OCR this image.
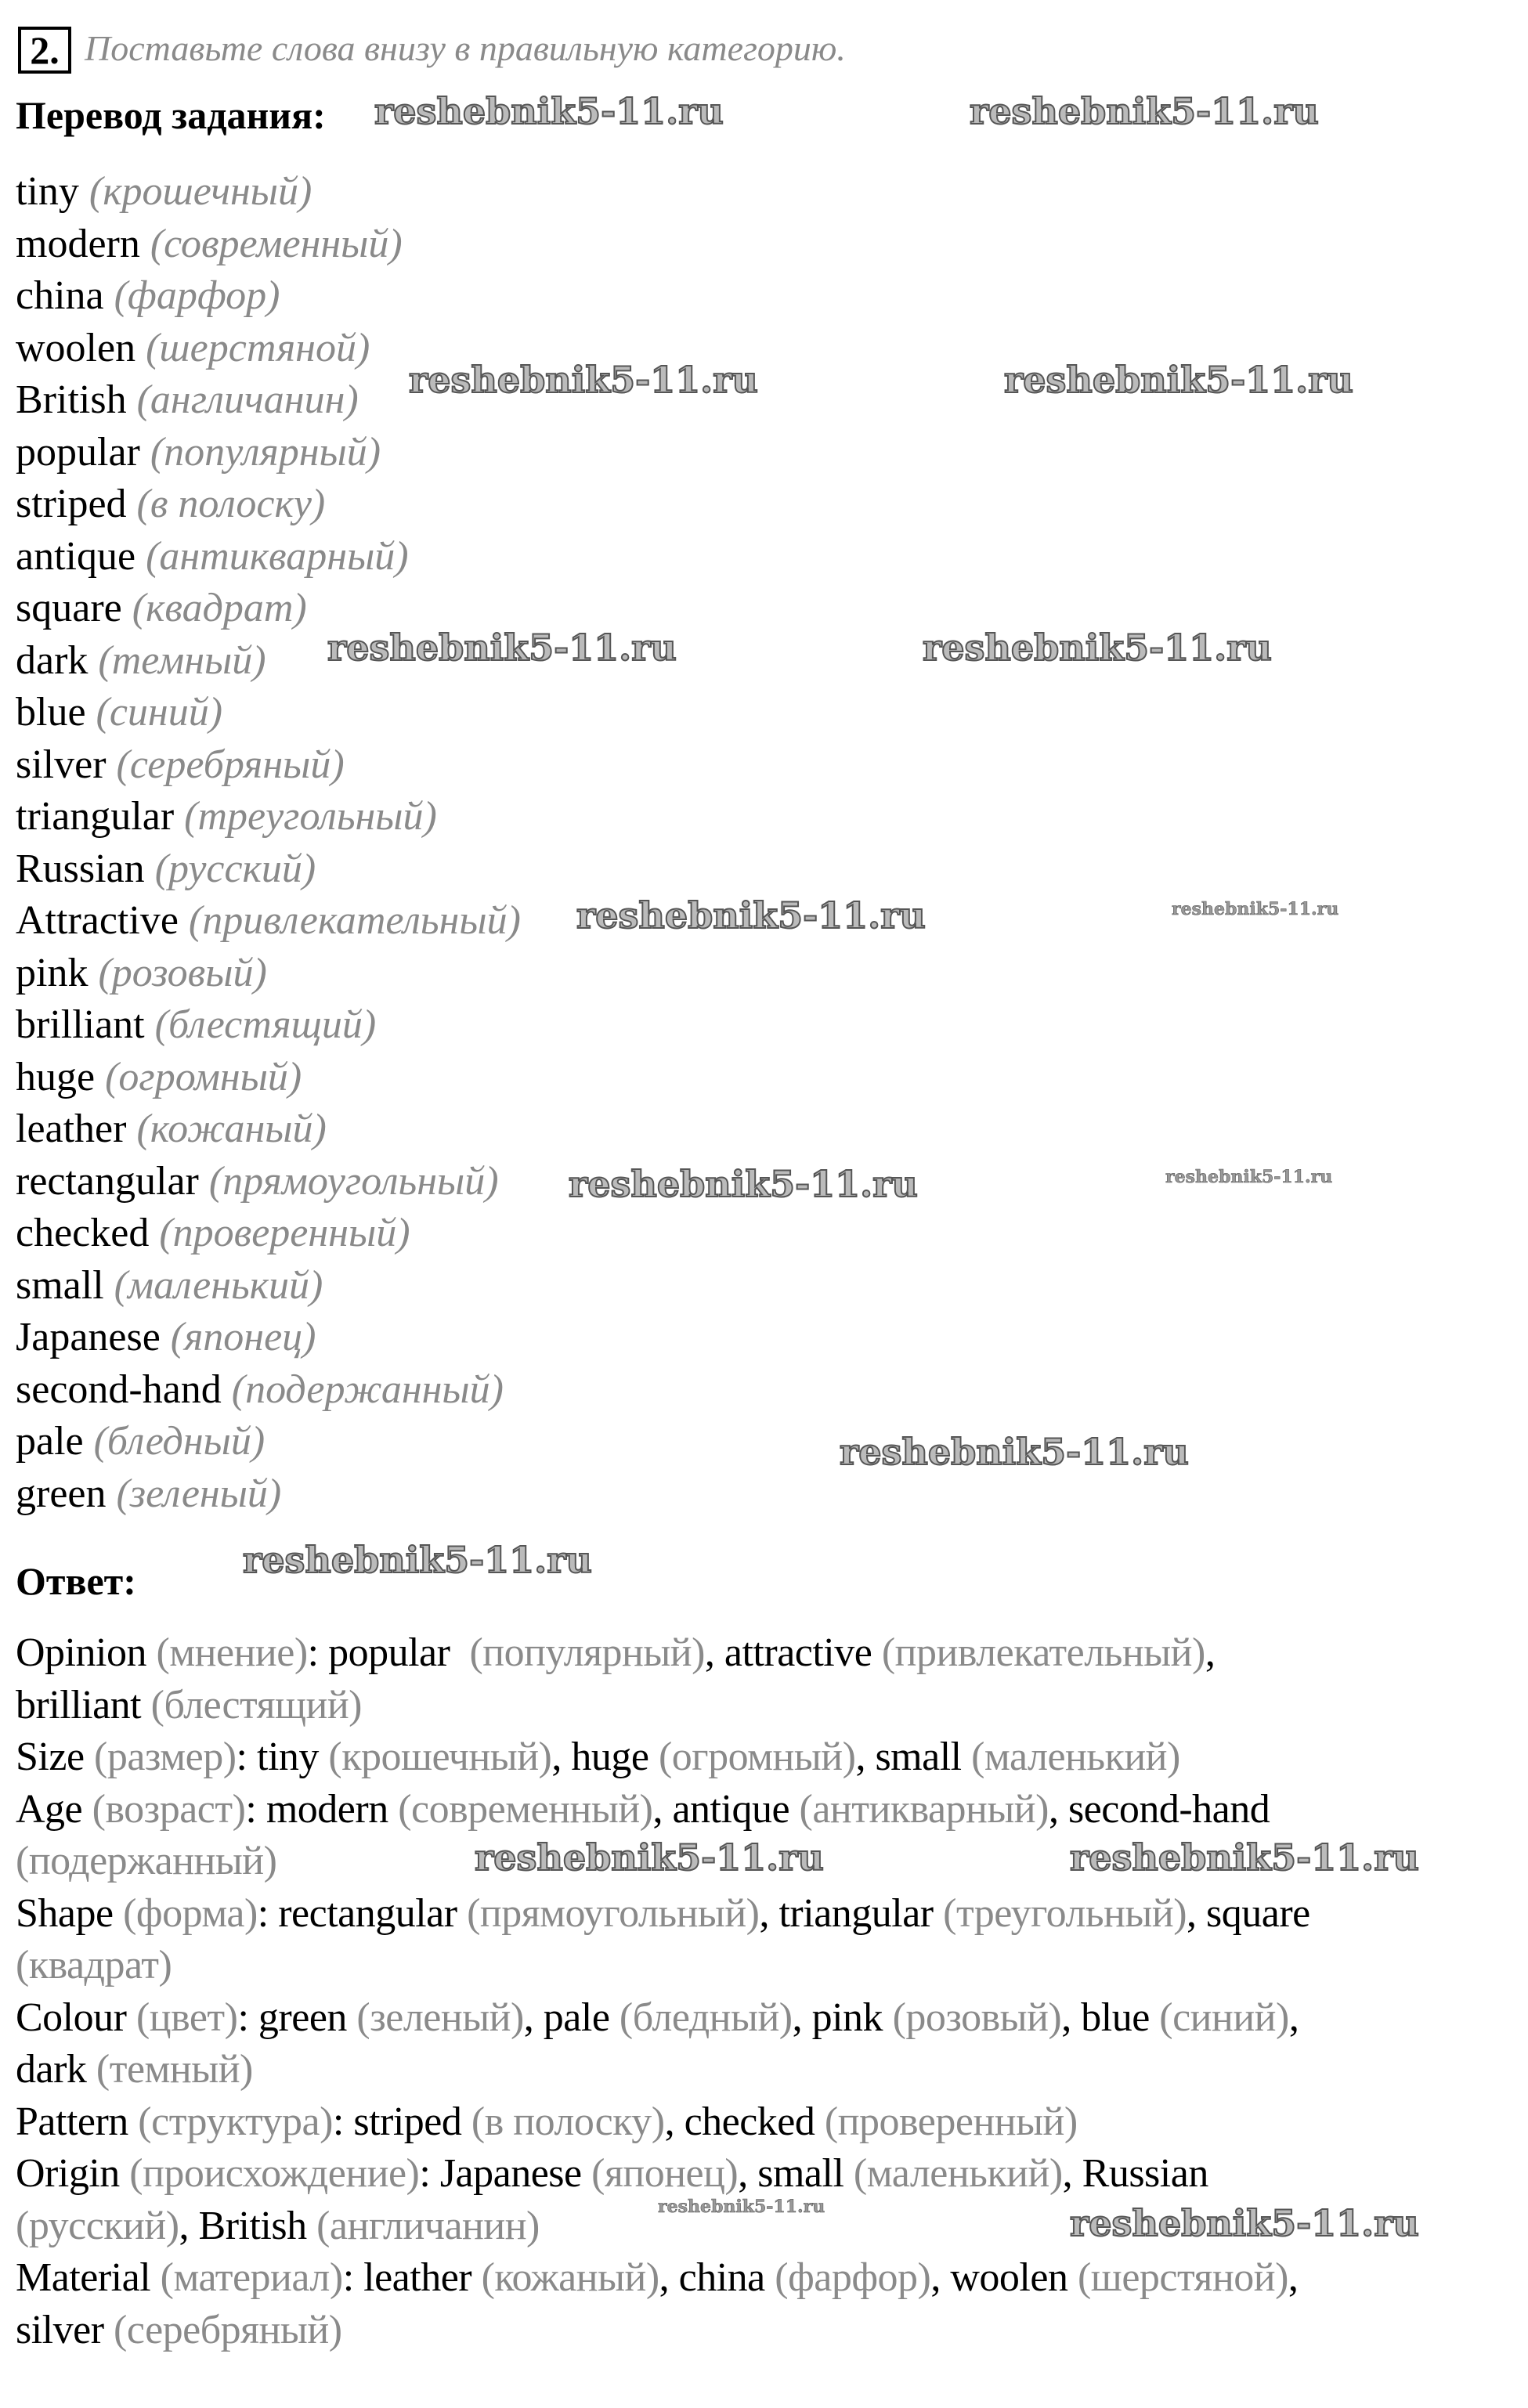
2. Поставьте слова внизу в правильную категорию.
Перевод задания:
tiny (крошечный)
modern (современный)
china (фарфор)
woolen (шерстяной)
British (англичанин)
popular (популярный)
striped (в полоску)
antique (антикварный)
square (квадрат)
dark (темный)
blue (синий)
silver (серебряный)
triangular (треугольный)
Russian (русский)
Attractive (привлекательный)
pink (розовый)
brilliant (блестящий)
huge (огромный)
leather (кожаный)
rectangular (прямоугольный)
checked (проверенный)
small (маленький)
Japanese (японец)
second-hand (подержанный)
pale (бледный)
green (зеленый)
Ответ:
Opinion (мнение): popular  (популярный), attractive (привлекательный),
brilliant (блестящий)
Size (размер): tiny (крошечный), huge (огромный), small (маленький)
Age (возраст): modern (современный), antique (антикварный), second-hand
(подержанный)
Shape (форма): rectangular (прямоугольный), triangular (треугольный), square
(квадрат)
Colour (цвет): green (зеленый), pale (бледный), pink (розовый), blue (синий),
dark (темный)
Pattern (структура): striped (в полоску), checked (проверенный)
Origin (происхождение): Japanese (японец), small (маленький), Russian
(русский), British (англичанин)
Material (материал): leather (кожаный), china (фарфор), woolen (шерстяной),
silver (серебряный)
reshebnik5-11.ru	reshebnik5-11.ru
reshebnik5-11.ru	reshebnik5-11.ru
reshebnik5-11.ru	reshebnik5-11.ru
reshebnik5-11.ru
reshebnik5-11.ru
reshebnik5-11.ru
reshebnik5-11.ru
reshebnik5-11.ru	reshebnik5-11.ru
reshebnik5-11.ru
reshebnik5-11.ru
reshebnik5-11.ru
reshebnik5-11.ru
